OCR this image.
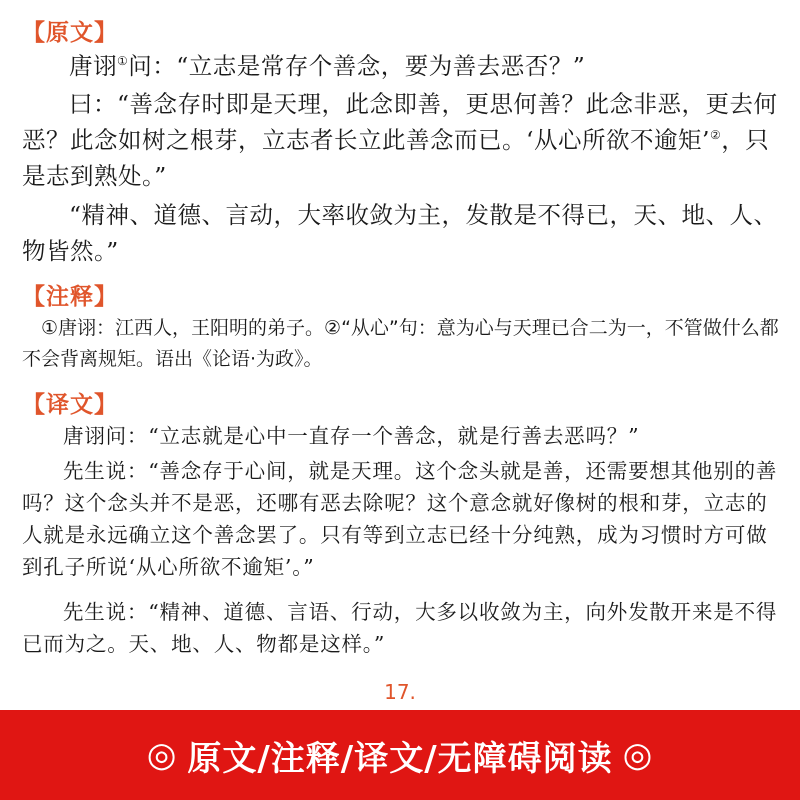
【原文】

唐诩①问：“立志是常存个善念，要为善去恶否？”

曰：“善念存时即是天理，此念即善，更思何善？此念非恶，更去何恶？此念如树之根芽，立志者长立此善念而已。‘从心所欲不逾矩’②，只是志到熟处。”

“精神、道德、言动，大率收敛为主，发散是不得已，天、地、人、物皆然。”

【注释】

①唐诩：江西人，王阳明的弟子。②“从心”句：意为心与天理已合二为一，不管做什么都不会背离规矩。语出《论语·为政》。

【译文】

唐诩问：“立志就是心中一直存一个善念，就是行善去恶吗？”

先生说：“善念存于心间，就是天理。这个念头就是善，还需要想其他别的善吗？这个念头并不是恶，还哪有恶去除呢？这个意念就好像树的根和芽，立志的人就是永远确立这个善念罢了。只有等到立志已经十分纯熟，成为习惯时方可做到孔子所说‘从心所欲不逾矩’。”

先生说：“精神、道德、言语、行动，大多以收敛为主，向外发散开来是不得已而为之。天、地、人、物都是这样。”

17.
◎ 原文/注释/译文/无障碍阅读 ◎
